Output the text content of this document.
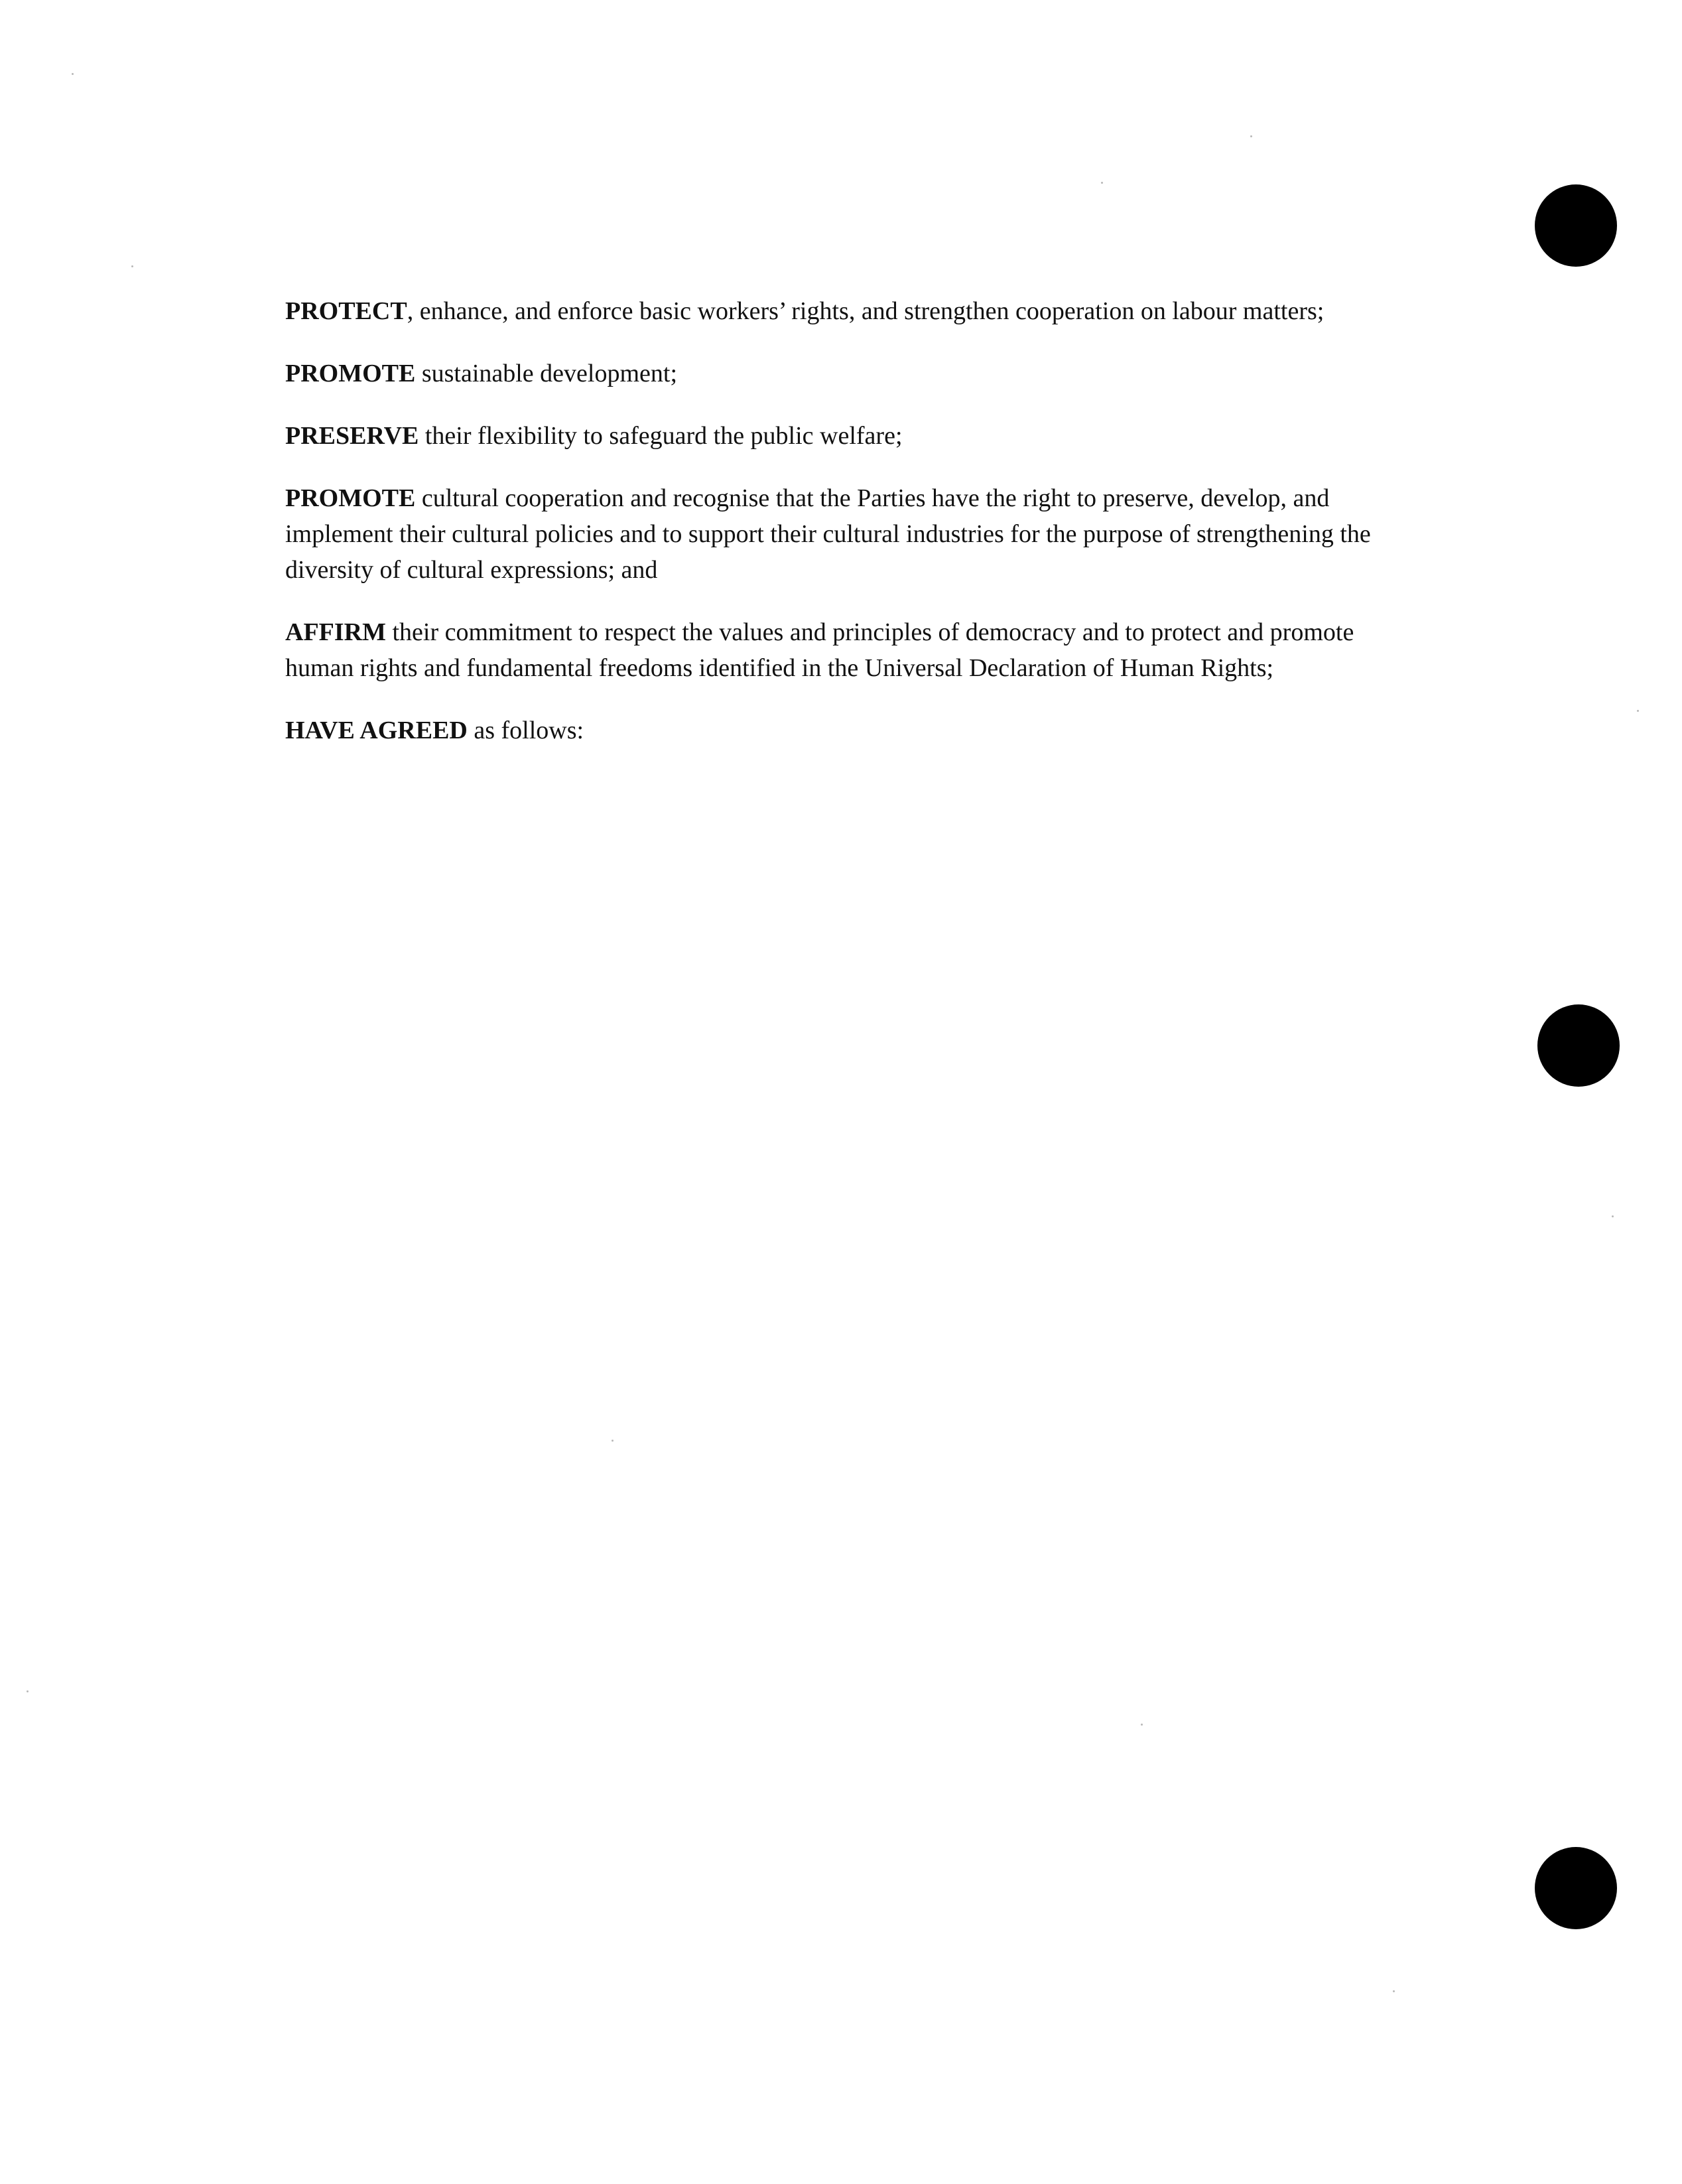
PROTECT, enhance, and enforce basic workers’ rights, and strengthen cooperation on labour matters;

PROMOTE sustainable development;

PRESERVE their flexibility to safeguard the public welfare;

PROMOTE cultural cooperation and recognise that the Parties have the right to preserve, develop, and implement their cultural policies and to support their cultural industries for the purpose of strengthening the diversity of cultural expressions; and

AFFIRM their commitment to respect the values and principles of democracy and to protect and promote human rights and fundamental freedoms identified in the Universal Declaration of Human Rights;

HAVE AGREED as follows:
